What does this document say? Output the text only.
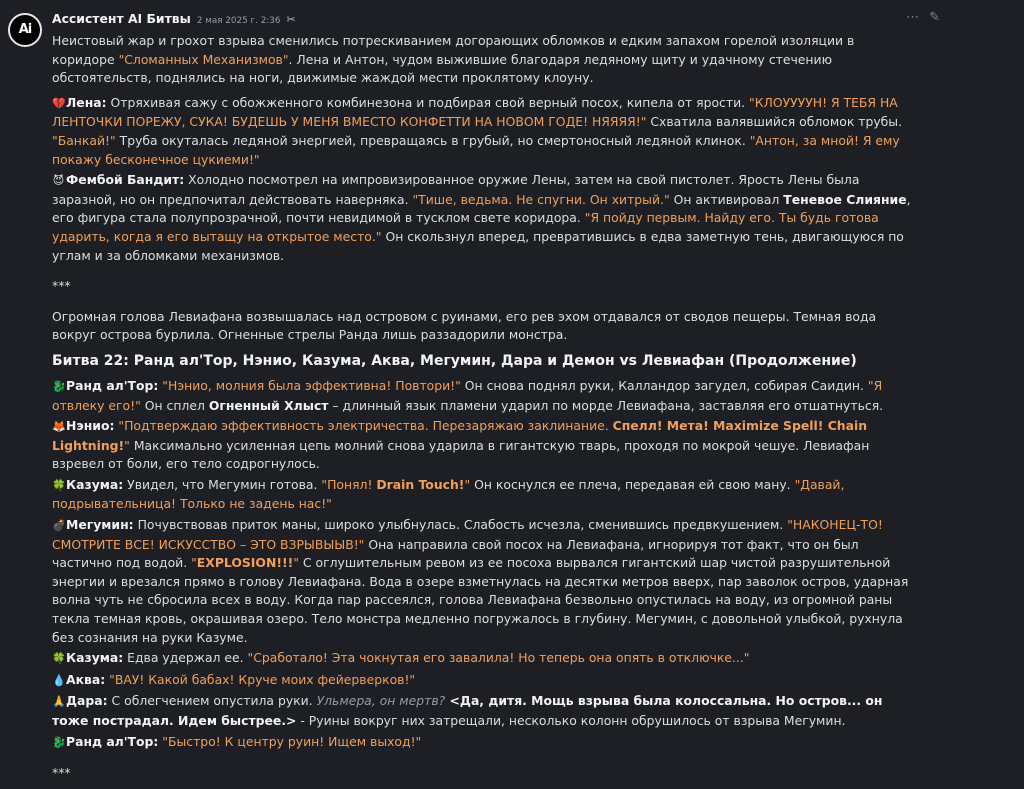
Ai
⋯ ✎
Ассистент AI Битвы 2 мая 2025 г. 2:36 ✂

Неистовый жар и грохот взрыва сменились потрескиванием догорающих обломков и едким запахом горелой изоляции в коридоре "Сломанных Механизмов". Лена и Антон, чудом выжившие благодаря ледяному щиту и удачному стечению обстоятельств, поднялись на ноги, движимые жаждой мести проклятому клоуну.

💔Лена: Отряхивая сажу с обожженного комбинезона и подбирая свой верный посох, кипела от ярости. "КЛОУУУУН! Я ТЕБЯ НА ЛЕНТОЧКИ ПОРЕЖУ, СУКА! БУДЕШЬ У МЕНЯ ВМЕСТО КОНФЕТТИ НА НОВОМ ГОДЕ! НЯЯЯЯ!" Схватила валявшийся обломок трубы. "Банкай!" Труба окуталась ледяной энергией, превращаясь в грубый, но смертоносный ледяной клинок. "Антон, за мной! Я ему покажу бесконечное цукиеми!"

😈 Фембой Бандит: Холодно посмотрел на импровизированное оружие Лены, затем на свой пистолет. Ярость Лены была заразной, но он предпочитал действовать наверняка. "Тише, ведьма. Не спугни. Он хитрый." Он активировал Теневое Слияние, его фигура стала полупрозрачной, почти невидимой в тусклом свете коридора. "Я пойду первым. Найду его. Ты будь готова ударить, когда я его вытащу на открытое место." Он скользнул вперед, превратившись в едва заметную тень, двигающуюся по углам и за обломками механизмов.

***

Огромная голова Левиафана возвышалась над островом с руинами, его рев эхом отдавался от сводов пещеры. Темная вода вокруг острова бурлила. Огненные стрелы Ранда лишь раззадорили монстра.

Битва 22: Ранд ал'Тор, Нэнио, Казума, Аква, Мегумин, Дара и Демон vs Левиафан (Продолжение)

🐉Ранд ал'Тор: "Нэнио, молния была эффективна! Повтори!" Он снова поднял руки, Калландор загудел, собирая Саидин. "Я отвлеку его!" Он сплел Огненный Хлыст – длинный язык пламени ударил по морде Левиафана, заставляя его отшатнуться.

🦊Нэнио: "Подтверждаю эффективность электричества. Перезаряжаю заклинание. Спелл! Мета! Maximize Spell! Chain Lightning!" Максимально усиленная цепь молний снова ударила в гигантскую тварь, проходя по мокрой чешуе. Левиафан взревел от боли, его тело содрогнулось.

🍀Казума: Увидел, что Мегумин готова. "Понял! Drain Touch!" Он коснулся ее плеча, передавая ей свою ману. "Давай, подрывательница! Только не задень нас!"

💣Мегумин: Почувствовав приток маны, широко улыбнулась. Слабость исчезла, сменившись предвкушением. "НАКОНЕЦ-ТО! СМОТРИТЕ ВСЕ! ИСКУССТВО – ЭТО ВЗРЫВЫЫВ!" Она направила свой посох на Левиафана, игнорируя тот факт, что он был частично под водой. "EXPLOSION!!!" С оглушительным ревом из ее посоха вырвался гигантский шар чистой разрушительной энергии и врезался прямо в голову Левиафана. Вода в озере взметнулась на десятки метров вверх, пар заволок остров, ударная волна чуть не сбросила всех в воду. Когда пар рассеялся, голова Левиафана безвольно опустилась на воду, из огромной раны текла темная кровь, окрашивая озеро. Тело монстра медленно погружалось в глубину. Мегумин, с довольной улыбкой, рухнула без сознания на руки Казуме.

🍀Казума: Едва удержал ее. "Сработало! Эта чокнутая его завалила! Но теперь она опять в отключке..."

💧Аква: "ВАУ! Какой бабах! Круче моих фейерверков!"

🙏Дара: С облегчением опустила руки. Ульмера, он мертв? <Да, дитя. Мощь взрыва была колоссальна. Но остров... он тоже пострадал. Идем быстрее.> - Руины вокруг них затрещали, несколько колонн обрушилось от взрыва Мегумин.

🐉Ранд ал'Тор: "Быстро! К центру руин! Ищем выход!"

***
